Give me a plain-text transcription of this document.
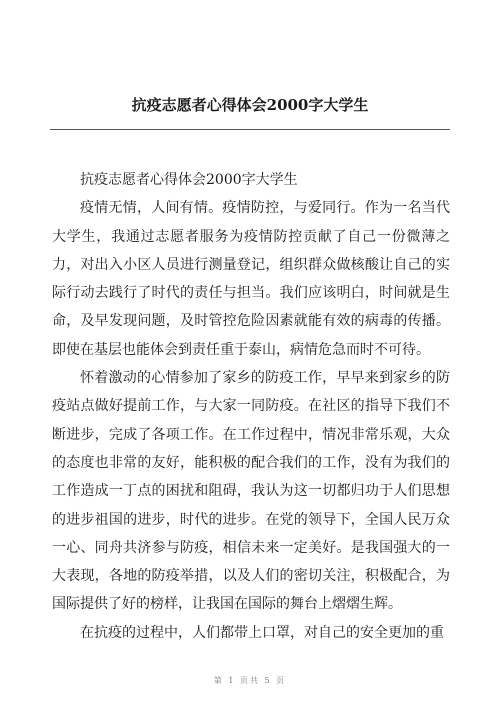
抗疫志愿者心得体会2000字大学生

抗疫志愿者心得体会2000字大学生

疫情无情，人间有情。疫情防控，与爱同行。作为一名当代大学生，我通过志愿者服务为疫情防控贡献了自己一份微薄之力，对出入小区人员进行测量登记，组织群众做核酸让自己的实际行动去践行了时代的责任与担当。我们应该明白，时间就是生命，及早发现问题，及时管控危险因素就能有效的病毒的传播。即使在基层也能体会到责任重于泰山，病情危急而时不可待。

怀着激动的心情参加了家乡的防疫工作，早早来到家乡的防疫站点做好提前工作，与大家一同防疫。在社区的指导下我们不断进步，完成了各项工作。在工作过程中，情况非常乐观，大众的态度也非常的友好，能积极的配合我们的工作，没有为我们的工作造成一丁点的困扰和阻碍，我认为这一切都归功于人们思想的进步祖国的进步，时代的进步。在党的领导下，全国人民万众一心、同舟共济参与防疫，相信未来一定美好。是我国强大的一大表现，各地的防疫举措，以及人们的密切关注，积极配合，为国际提供了好的榜样，让我国在国际的舞台上熠熠生辉。

在抗疫的过程中，人们都带上口罩，对自己的安全更加的重

第 1 页共 5 页
